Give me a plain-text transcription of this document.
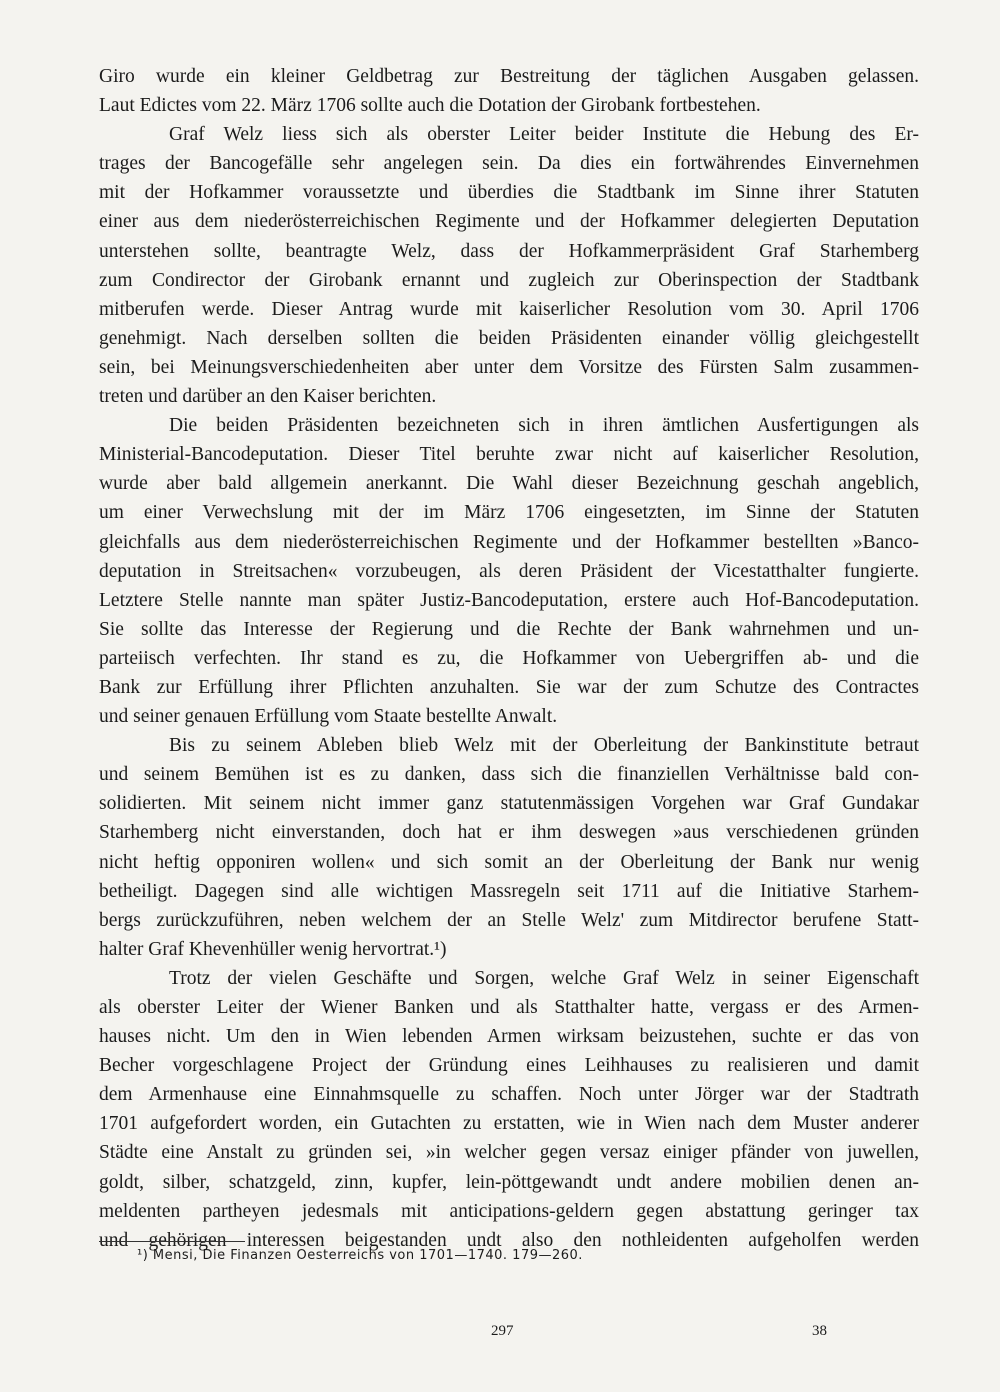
Giro wurde ein kleiner Geldbetrag zur Bestreitung der täglichen Ausgaben gelassen.
Laut Edictes vom 22. März 1706 sollte auch die Dotation der Girobank fortbestehen.
Graf Welz liess sich als oberster Leiter beider Institute die Hebung des Er-
trages der Bancogefälle sehr angelegen sein. Da dies ein fortwährendes Einvernehmen
mit der Hofkammer voraussetzte und überdies die Stadtbank im Sinne ihrer Statuten
einer aus dem niederösterreichischen Regimente und der Hofkammer delegierten Deputation
unterstehen sollte, beantragte Welz, dass der Hofkammerpräsident Graf Starhemberg
zum Condirector der Girobank ernannt und zugleich zur Oberinspection der Stadtbank
mitberufen werde. Dieser Antrag wurde mit kaiserlicher Resolution vom 30. April 1706
genehmigt. Nach derselben sollten die beiden Präsidenten einander völlig gleichgestellt
sein, bei Meinungsverschiedenheiten aber unter dem Vorsitze des Fürsten Salm zusammen-
treten und darüber an den Kaiser berichten.
Die beiden Präsidenten bezeichneten sich in ihren ämtlichen Ausfertigungen als
Ministerial-Bancodeputation. Dieser Titel beruhte zwar nicht auf kaiserlicher Resolution,
wurde aber bald allgemein anerkannt. Die Wahl dieser Bezeichnung geschah angeblich,
um einer Verwechslung mit der im März 1706 eingesetzten, im Sinne der Statuten
gleichfalls aus dem niederösterreichischen Regimente und der Hofkammer bestellten »Banco-
deputation in Streitsachen« vorzubeugen, als deren Präsident der Vicestatthalter fungierte.
Letztere Stelle nannte man später Justiz-Bancodeputation, erstere auch Hof-Bancodeputation.
Sie sollte das Interesse der Regierung und die Rechte der Bank wahrnehmen und un-
parteiisch verfechten. Ihr stand es zu, die Hofkammer von Uebergriffen ab- und die
Bank zur Erfüllung ihrer Pflichten anzuhalten. Sie war der zum Schutze des Contractes
und seiner genauen Erfüllung vom Staate bestellte Anwalt.
Bis zu seinem Ableben blieb Welz mit der Oberleitung der Bankinstitute betraut
und seinem Bemühen ist es zu danken, dass sich die finanziellen Verhältnisse bald con-
solidierten. Mit seinem nicht immer ganz statutenmässigen Vorgehen war Graf Gundakar
Starhemberg nicht einverstanden, doch hat er ihm deswegen »aus verschiedenen gründen
nicht heftig opponiren wollen« und sich somit an der Oberleitung der Bank nur wenig
betheiligt. Dagegen sind alle wichtigen Massregeln seit 1711 auf die Initiative Starhem-
bergs zurückzuführen, neben welchem der an Stelle Welz' zum Mitdirector berufene Statt-
halter Graf Khevenhüller wenig hervortrat.¹)
Trotz der vielen Geschäfte und Sorgen, welche Graf Welz in seiner Eigenschaft
als oberster Leiter der Wiener Banken und als Statthalter hatte, vergass er des Armen-
hauses nicht. Um den in Wien lebenden Armen wirksam beizustehen, suchte er das von
Becher vorgeschlagene Project der Gründung eines Leihhauses zu realisieren und damit
dem Armenhause eine Einnahmsquelle zu schaffen. Noch unter Jörger war der Stadtrath
1701 aufgefordert worden, ein Gutachten zu erstatten, wie in Wien nach dem Muster anderer
Städte eine Anstalt zu gründen sei, »in welcher gegen versaz einiger pfänder von juwellen,
goldt, silber, schatzgeld, zinn, kupfer, lein-pöttgewandt undt andere mobilien denen an-
meldenten partheyen jedesmals mit anticipations-geldern gegen abstattung geringer tax
und gehörigen interessen beigestanden undt also den nothleidenten aufgeholfen werden
¹) Mensi, Die Finanzen Oesterreichs von 1701—1740. 179—260.
297	38
